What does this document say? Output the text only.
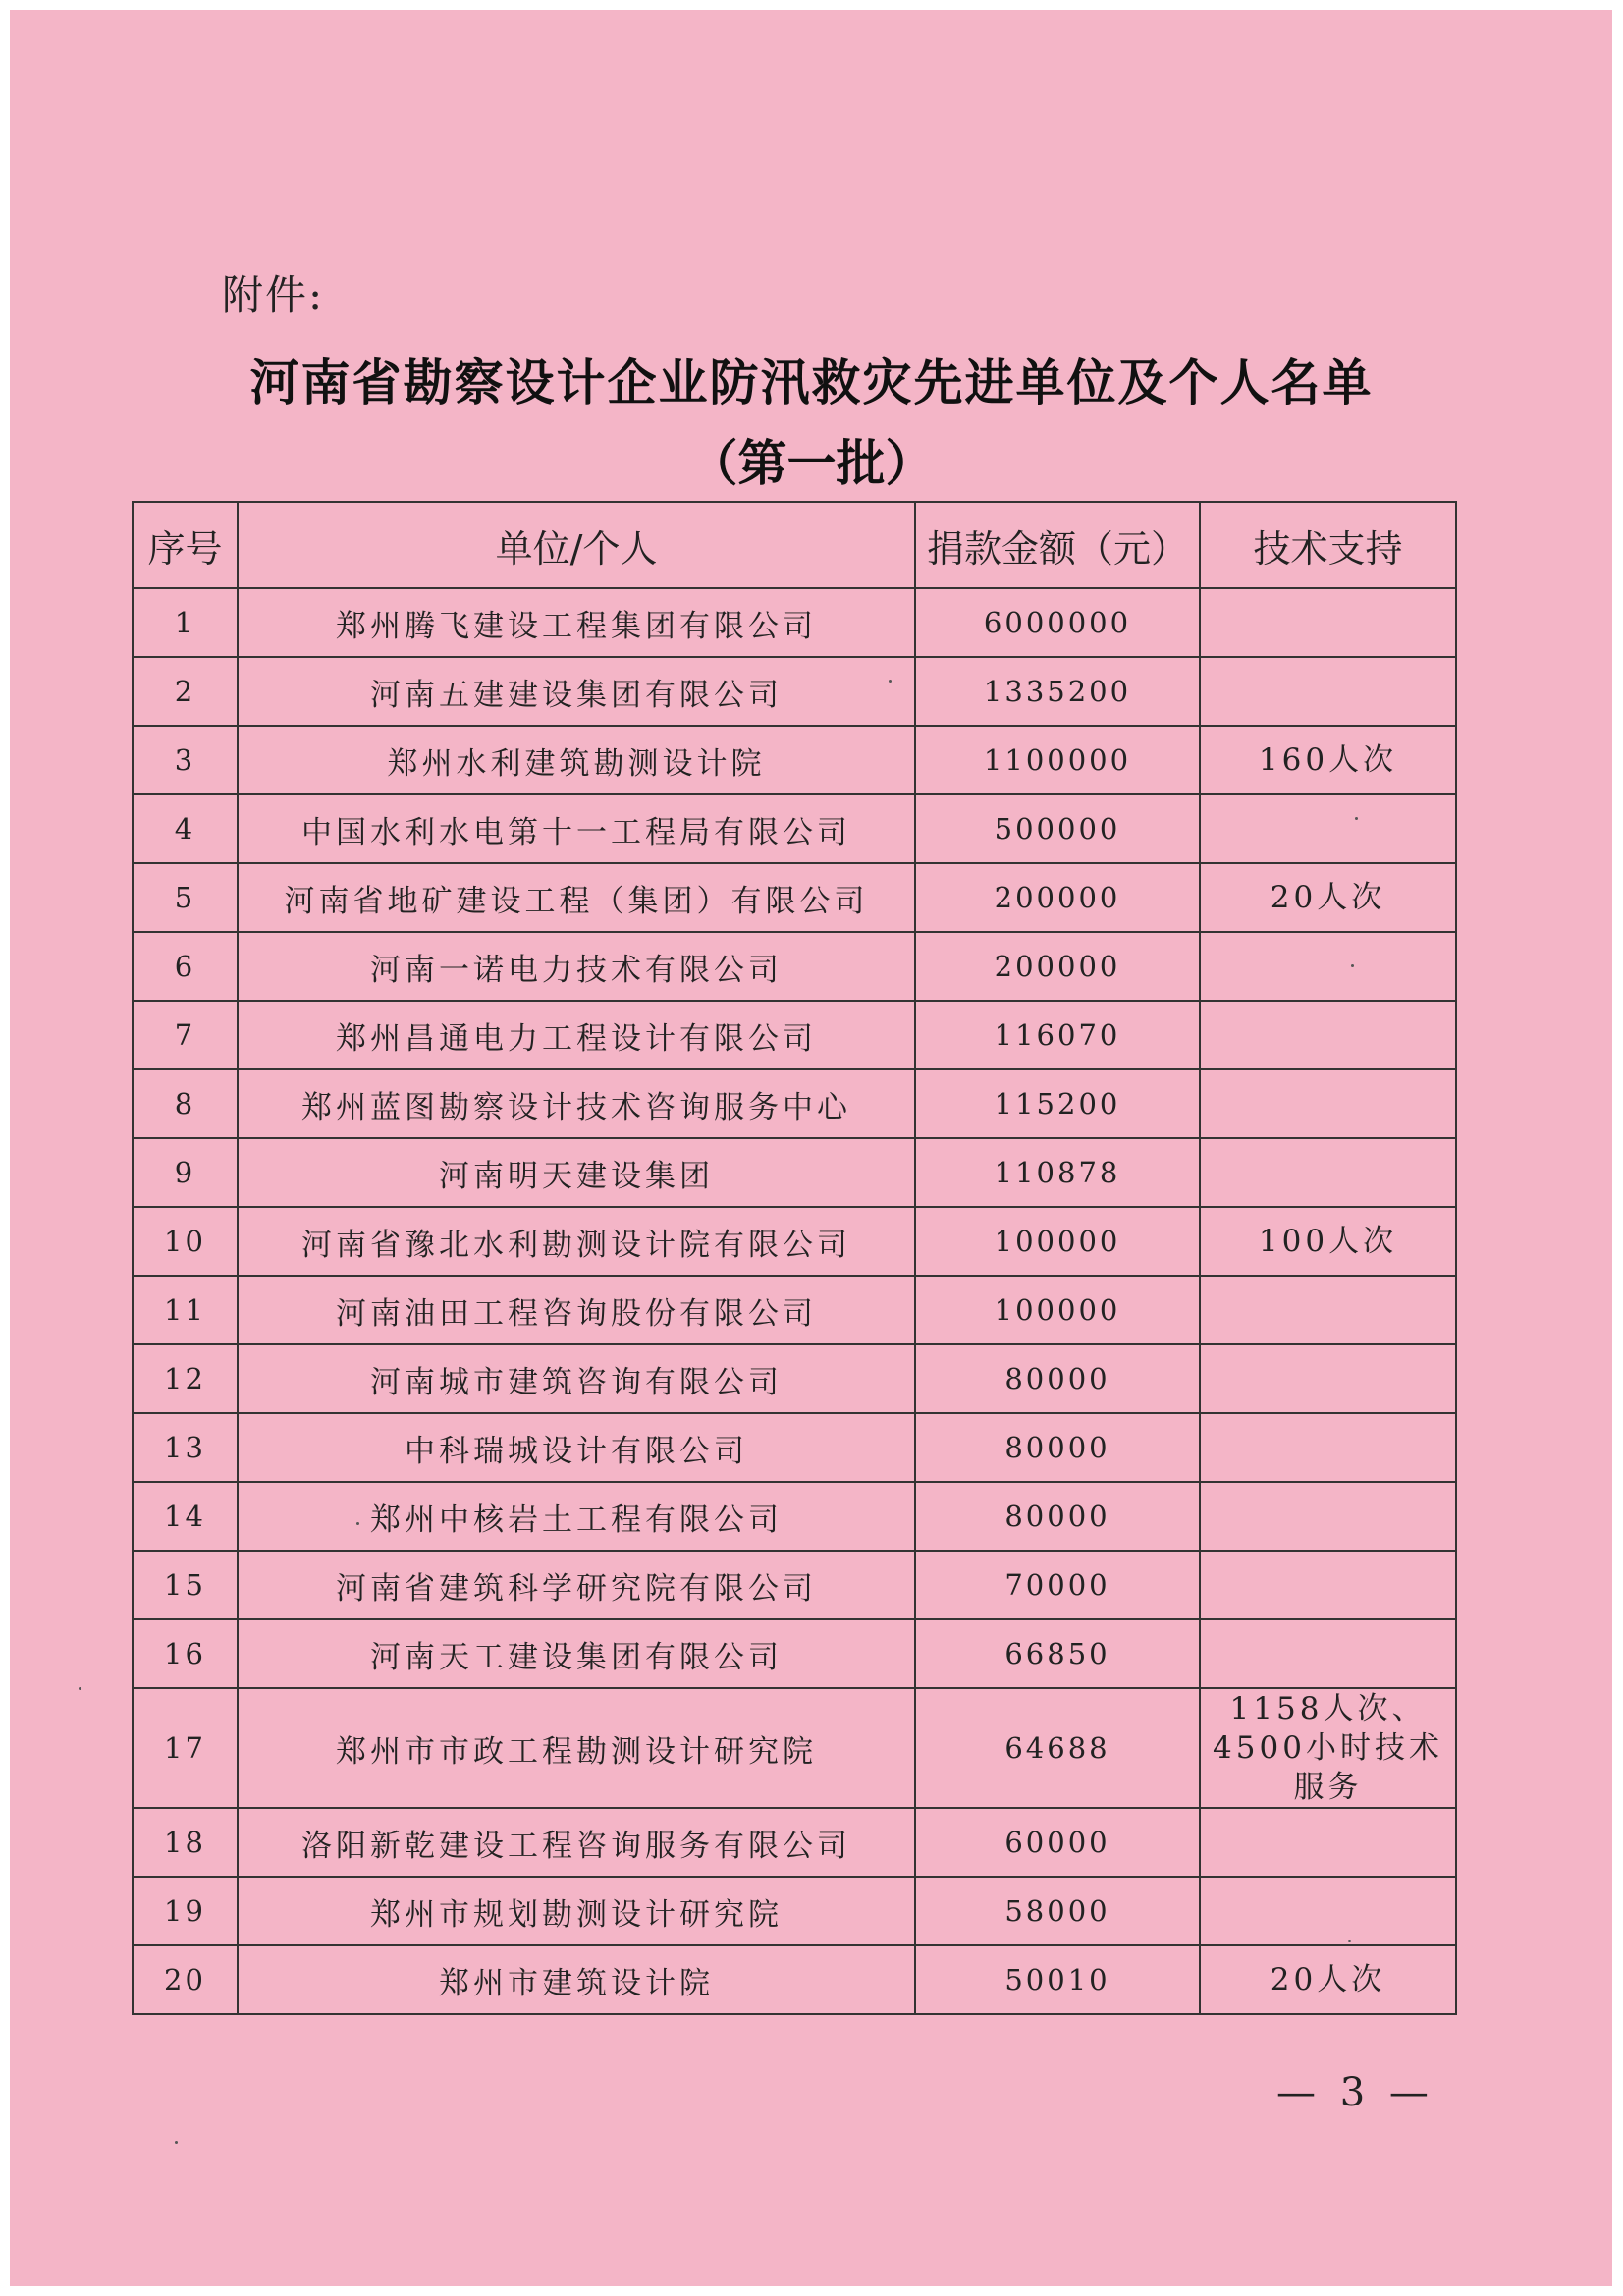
附件:
河南省勘察设计企业防汛救灾先进单位及个人名单
（第一批）
序号	单位/个人	捐款金额（元）	技术支持
1	郑州腾飞建设工程集团有限公司	6000000	
2	河南五建建设集团有限公司	1335200	
3	郑州水利建筑勘测设计院	1100000	160人次
4	中国水利水电第十一工程局有限公司	500000	
5	河南省地矿建设工程（集团）有限公司	200000	20人次
6	河南一诺电力技术有限公司	200000	
7	郑州昌通电力工程设计有限公司	116070	
8	郑州蓝图勘察设计技术咨询服务中心	115200	
9	河南明天建设集团	110878	
10	河南省豫北水利勘测设计院有限公司	100000	100人次
11	河南油田工程咨询股份有限公司	100000	
12	河南城市建筑咨询有限公司	80000	
13	中科瑞城设计有限公司	80000	
14	郑州中核岩土工程有限公司	80000	
15	河南省建筑科学研究院有限公司	70000	
16	河南天工建设集团有限公司	66850	
17	郑州市市政工程勘测设计研究院	64688	1158人次、4500小时技术服务
18	洛阳新乾建设工程咨询服务有限公司	60000	
19	郑州市规划勘测设计研究院	58000	
20	郑州市建筑设计院	50010	20人次
— 3 —
